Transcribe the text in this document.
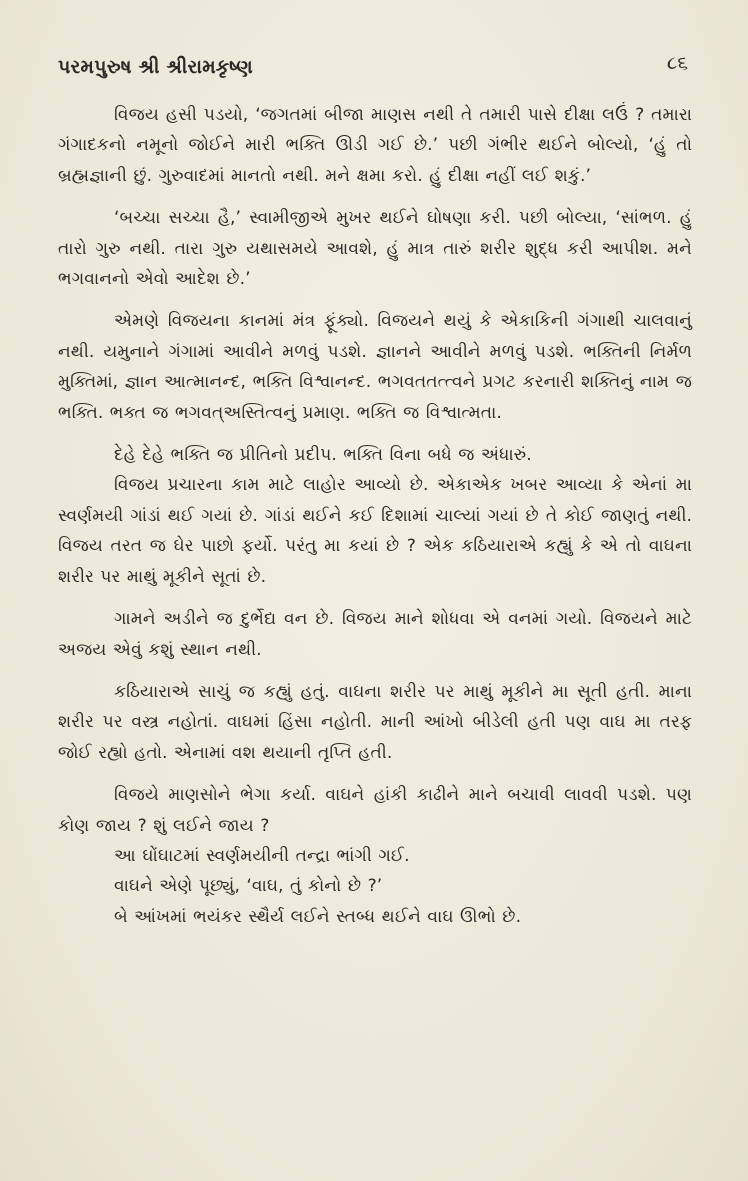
પરમપુરુષ શ્રી શ્રીરામકૃષ્ણ	૮૬

વિજય હસી પડયો, ‘જગતમાં બીજા માણસ નથી તે તમારી પાસે દીક્ષા લઉં ? તમારા ગંગાદકનો નમૂનો જોઈને મારી ભક્તિ ઊડી ગઈ છે.’ પછી ગંભીર થઈને બોલ્યો, ‘હું તો બ્રહ્મજ્ઞાની છું. ગુરુવાદમાં માનતો નથી. મને ક્ષમા કરો. હું દીક્ષા નહીં લઈ શકું.’

‘બચ્ચા સચ્ચા હૈ,’ સ્વામીજીએ મુખર થઈને ઘોષણા કરી. પછી બોલ્યા, ‘સાંભળ. હું તારો ગુરુ નથી. તારા ગુરુ યથાસમયે આવશે, હું માત્ર તારું શરીર શુદ્ધ કરી આપીશ. મને ભગવાનનો એવો આદેશ છે.’

એમણે વિજયના કાનમાં મંત્ર ફૂંક્યો. વિજયને થયું કે એકાકિની ગંગાથી ચાલવાનું નથી. યમુનાને ગંગામાં આવીને મળવું પડશે. જ્ઞાનને આવીને મળવું પડશે. ભક્તિની નિર્મળ મુક્તિમાં, જ્ઞાન આત્માનન્દ, ભક્તિ વિશ્વાનન્દ. ભગવતતત્ત્વને પ્રગટ કરનારી શક્તિનું નામ જ ભક્તિ. ભક્ત જ ભગવત્‌અસ્તિત્વનું પ્રમાણ. ભક્તિ જ વિશ્વાત્મતા.

દેહે દેહે ભક્તિ જ પ્રીતિનો પ્રદીપ. ભક્તિ વિના બધે જ અંધારું.

વિજય પ્રચારના કામ માટે લાહોર આવ્યો છે. એકાએક ખબર આવ્યા કે એનાં મા સ્વર્ણમયી ગાંડાં થઈ ગયાં છે. ગાંડાં થઈને કઈ દિશામાં ચાલ્યાં ગયાં છે તે કોઈ જાણતું નથી. વિજય તરત જ ઘેર પાછો ફર્યો. પરંતુ મા કયાં છે ? એક કઠિયારાએ કહ્યું કે એ તો વાઘના શરીર પર માથું મૂકીને સૂતાં છે.

ગામને અડીને જ દુર્ભેદ્ય વન છે. વિજય માને શોધવા એ વનમાં ગયો. વિજયને માટે અજય એવું કશું સ્થાન નથી.

કઠિયારાએ સાચું જ કહ્યું હતું. વાઘના શરીર પર માથું મૂકીને મા સૂતી હતી. માના શરીર પર વસ્ત્ર નહોતાં. વાઘમાં હિંસા નહોતી. માની આંખો બીડેલી હતી પણ વાઘ મા તરફ જોઈ રહ્યો હતો. એનામાં વશ થયાની તૃપ્તિ હતી.

વિજયે માણસોને ભેગા કર્યા. વાઘને હાંકી કાઢીને માને બચાવી લાવવી પડશે. પણ કોણ જાય ? શું લઈને જાય ?

આ ઘોંઘાટમાં સ્વર્ણમયીની તન્દ્રા ભાંગી ગઈ.

વાઘને એણે પૂછ્યું, ‘વાઘ, તું કોનો છે ?’

બે આંખમાં ભયંકર સ્થૈર્ય લઈને સ્તબ્ધ થઈને વાઘ ઊભો છે.
